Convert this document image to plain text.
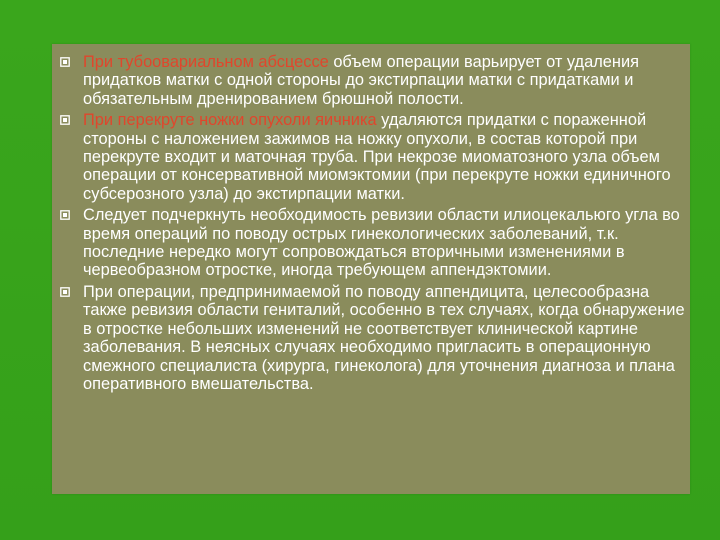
При тубоовариальном абсцессе объем операции варьирует от удаления придатков матки с одной стороны до экстирпации матки с придатками и обязательным дренированием брюшной полости.

При перекруте ножки опухоли яичника удаляются придатки с пораженной стороны с наложением зажимов на ножку опухоли, в состав которой при перекруте входит и маточная труба. При некрозе миоматозного узла объем операции от консервативной миомэктомии (при перекруте ножки единичного субсерозного узла) до экстирпации матки.

Следует подчеркнуть необходимость ревизии области илиоцекальюго угла во время операций по поводу острых гинекологических заболеваний, т.к. последние нередко могут сопровождаться вторичными изменениями в червеобразном отростке, иногда требующем аппендэктомии.

При операции, предпринимаемой по поводу аппендицита, целесообразна также ревизия области гениталий, особенно в тех случаях, когда обнаружение в отростке небольших изменений не соответствует клинической картине заболевания. В неясных случаях необходимо пригласить в операционную смежного специалиста (хирурга, гинеколога) для уточнения диагноза и плана оперативного вмешательства.
